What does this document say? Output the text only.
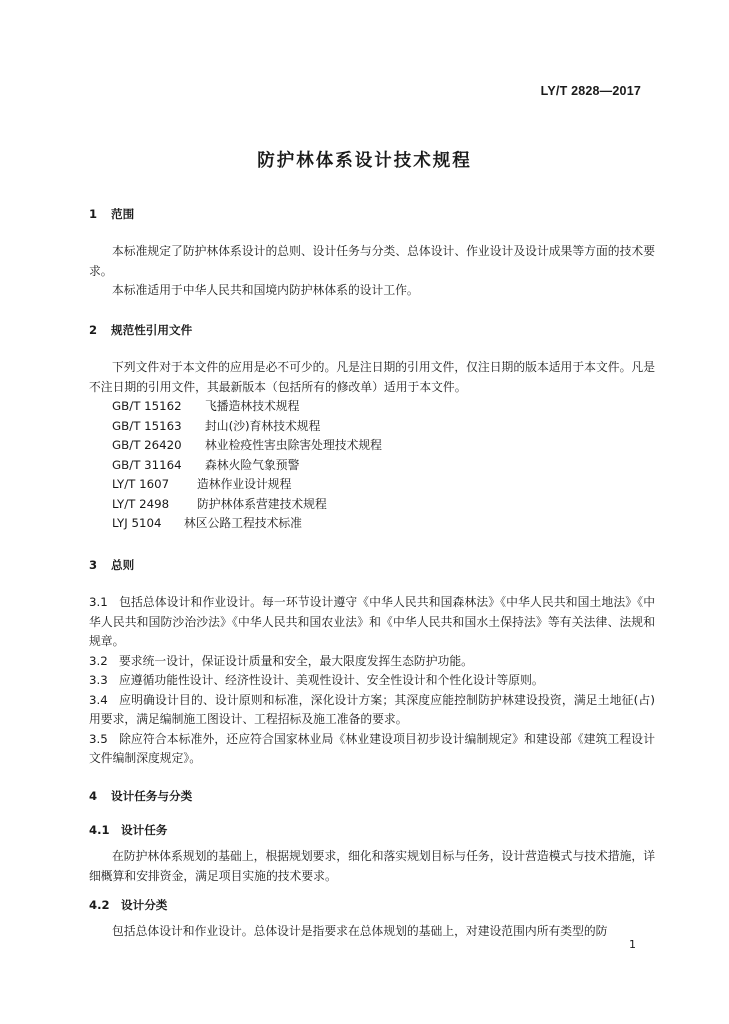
LY/T 2828—2017
防护林体系设计技术规程
1 范围

本标准规定了防护林体系设计的总则、设计任务与分类、总体设计、作业设计及设计成果等方面的技术要求。

本标准适用于中华人民共和国境内防护林体系的设计工作。

2 规范性引用文件

下列文件对于本文件的应用是必不可少的。凡是注日期的引用文件，仅注日期的版本适用于本文件。凡是不注日期的引用文件，其最新版本（包括所有的修改单）适用于本文件。

GB/T 15162 飞播造林技术规程

GB/T 15163 封山(沙)育林技术规程

GB/T 26420 林业检疫性害虫除害处理技术规程

GB/T 31164 森林火险气象预警

LY/T 1607 造林作业设计规程

LY/T 2498 防护林体系营建技术规程

LYJ 5104 林区公路工程技术标准

3 总则

3.1 包括总体设计和作业设计。每一环节设计遵守《中华人民共和国森林法》《中华人民共和国土地法》《中华人民共和国防沙治沙法》《中华人民共和国农业法》和《中华人民共和国水土保持法》等有关法律、法规和规章。

3.2 要求统一设计，保证设计质量和安全，最大限度发挥生态防护功能。

3.3 应遵循功能性设计、经济性设计、美观性设计、安全性设计和个性化设计等原则。

3.4 应明确设计目的、设计原则和标准，深化设计方案；其深度应能控制防护林建设投资，满足土地征(占)用要求，满足编制施工图设计、工程招标及施工准备的要求。

3.5 除应符合本标准外，还应符合国家林业局《林业建设项目初步设计编制规定》和建设部《建筑工程设计文件编制深度规定》。

4 设计任务与分类
4.1 设计任务

在防护林体系规划的基础上，根据规划要求，细化和落实规划目标与任务，设计营造模式与技术措施，详细概算和安排资金，满足项目实施的技术要求。

4.2 设计分类

包括总体设计和作业设计。总体设计是指要求在总体规划的基础上，对建设范围内所有类型的防

1
